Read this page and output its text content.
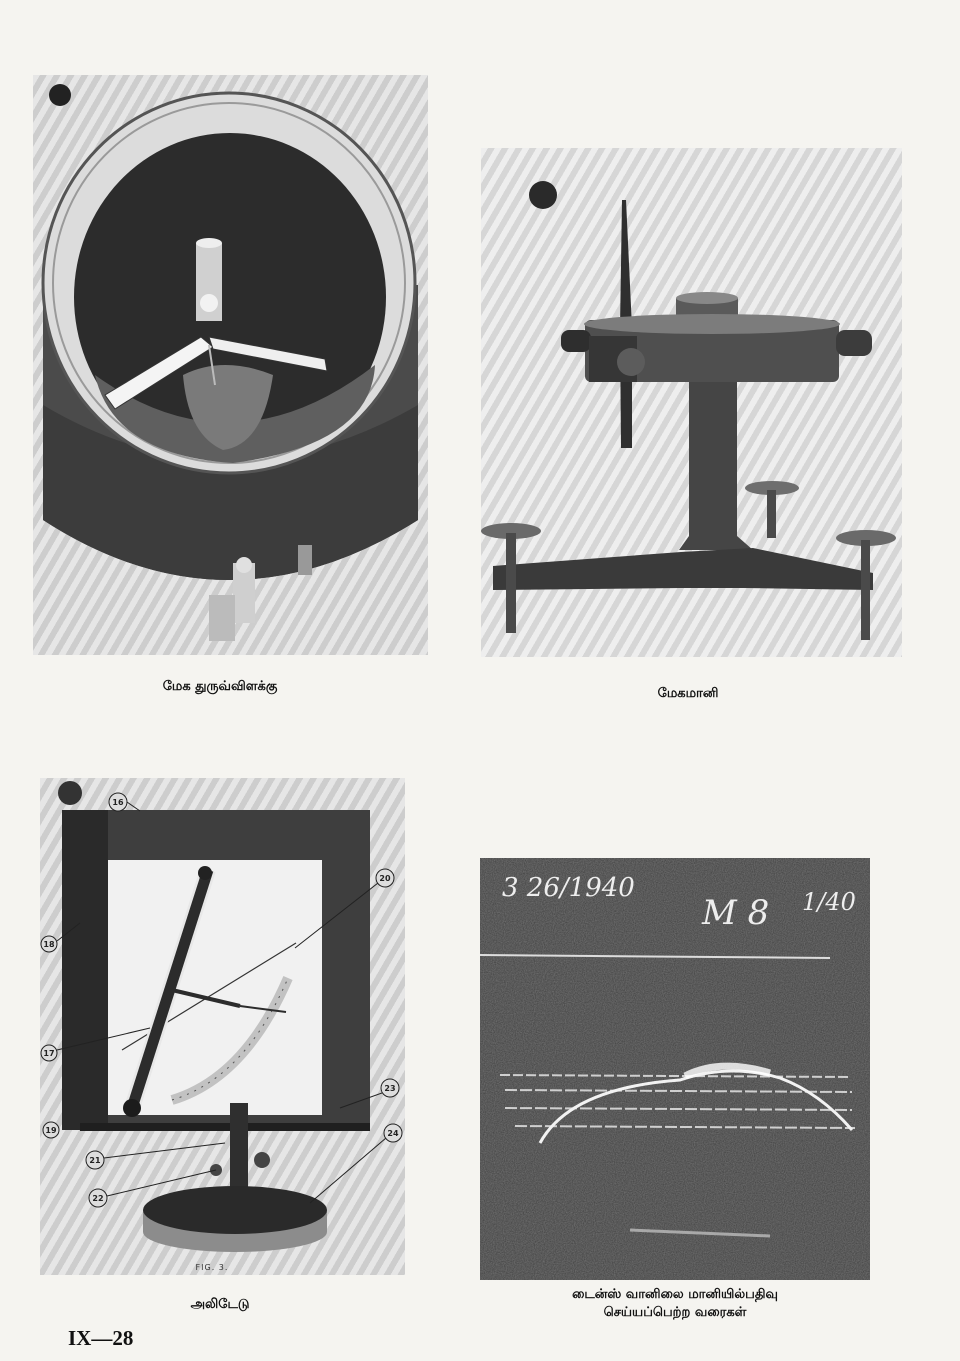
மேக துருவ்விளக்கு	மேகமானி
16
20
18
17
23
19
21
22
24
FIG. 3.
அலிடேடு
3 26/1940
M 8 1/40
டைன்ஸ் வானிலை மானியில்பதிவு
செய்யப்பெற்ற வரைகள்
IX—28
